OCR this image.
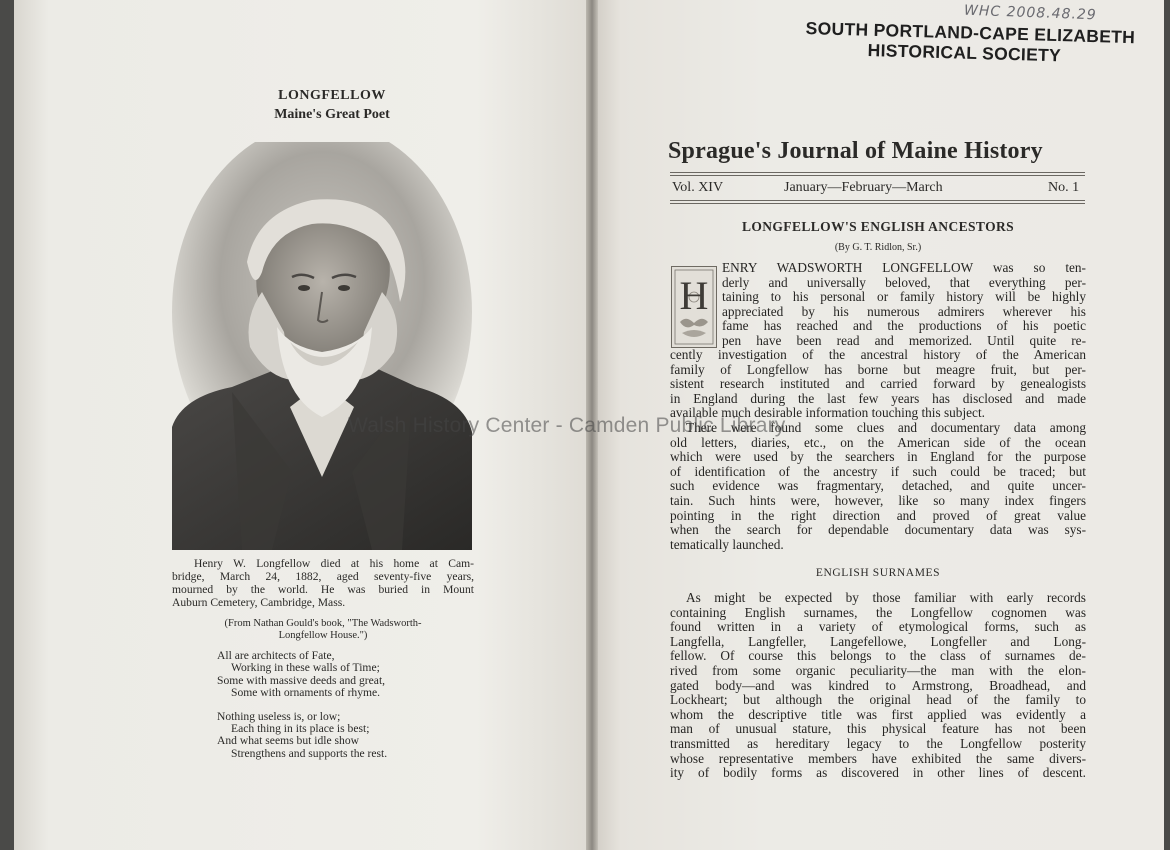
LONGFELLOW
Maine's Great Poet
Henry W. Longfellow died at his home at Cam-
bridge, March 24, 1882, aged seventy-five years,
mourned by the world. He was buried in Mount
Auburn Cemetery, Cambridge, Mass.
(From Nathan Gould's book, "The Wadsworth-
Longfellow House.")
All are architects of Fate,
Working in these walls of Time;
Some with massive deeds and great,
Some with ornaments of rhyme.
Nothing useless is, or low;
Each thing in its place is best;
And what seems but idle show
Strengthens and supports the rest.
WHC 2008.48.29
SOUTH PORTLAND-CAPE ELIZABETH
HISTORICAL SOCIETY
Sprague's Journal of Maine History
Vol. XIV	January—February—March	No. 1
LONGFELLOW'S ENGLISH ANCESTORS
(By G. T. Ridlon, Sr.)
H
ENRY WADSWORTH LONGFELLOW was so ten-
derly and universally beloved, that everything per-
taining to his personal or family history will be highly
appreciated by his numerous admirers wherever his
fame has reached and the productions of his poetic
pen have been read and memorized. Until quite re-
cently investigation of the ancestral history of the American
family of Longfellow has borne but meagre fruit, but per-
sistent research instituted and carried forward by genealogists
in England during the last few years has disclosed and made
available much desirable information touching this subject.
There were found some clues and documentary data among
old letters, diaries, etc., on the American side of the ocean
which were used by the searchers in England for the purpose
of identification of the ancestry if such could be traced; but
such evidence was fragmentary, detached, and quite uncer-
tain. Such hints were, however, like so many index fingers
pointing in the right direction and proved of great value
when the search for dependable documentary data was sys-
tematically launched.
ENGLISH SURNAMES
As might be expected by those familiar with early records
containing English surnames, the Longfellow cognomen was
found written in a variety of etymological forms, such as
Langfella, Langfeller, Langefellowe, Longfeller and Long-
fellow. Of course this belongs to the class of surnames de-
rived from some organic peculiarity—the man with the elon-
gated body—and was kindred to Armstrong, Broadhead, and
Lockheart; but although the original head of the family to
whom the descriptive title was first applied was evidently a
man of unusual stature, this physical feature has not been
transmitted as hereditary legacy to the Longfellow posterity
whose representative members have exhibited the same divers-
ity of bodily forms as discovered in other lines of descent.
Walsh History Center - Camden Public Library
